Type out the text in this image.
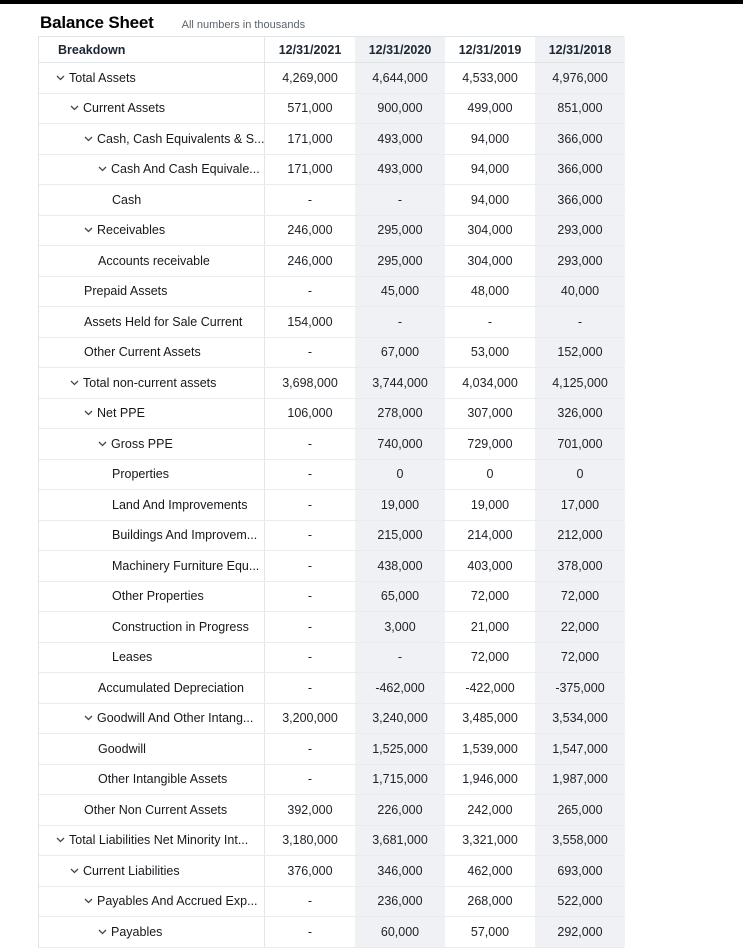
Balance Sheet	All numbers in thousands
Breakdown	12/31/2021	12/31/2020	12/31/2019	12/31/2018
Total Assets	4,269,000	4,644,000	4,533,000	4,976,000
Current Assets	571,000	900,000	499,000	851,000
Cash, Cash Equivalents & S...	171,000	493,000	94,000	366,000
Cash And Cash Equivale...	171,000	493,000	94,000	366,000
Cash	-	-	94,000	366,000
Receivables	246,000	295,000	304,000	293,000
Accounts receivable	246,000	295,000	304,000	293,000
Prepaid Assets	-	45,000	48,000	40,000
Assets Held for Sale Current	154,000	-	-	-
Other Current Assets	-	67,000	53,000	152,000
Total non-current assets	3,698,000	3,744,000	4,034,000	4,125,000
Net PPE	106,000	278,000	307,000	326,000
Gross PPE	-	740,000	729,000	701,000
Properties	-	0	0	0
Land And Improvements	-	19,000	19,000	17,000
Buildings And Improvem...	-	215,000	214,000	212,000
Machinery Furniture Equ...	-	438,000	403,000	378,000
Other Properties	-	65,000	72,000	72,000
Construction in Progress	-	3,000	21,000	22,000
Leases	-	-	72,000	72,000
Accumulated Depreciation	-	-462,000	-422,000	-375,000
Goodwill And Other Intang...	3,200,000	3,240,000	3,485,000	3,534,000
Goodwill	-	1,525,000	1,539,000	1,547,000
Other Intangible Assets	-	1,715,000	1,946,000	1,987,000
Other Non Current Assets	392,000	226,000	242,000	265,000
Total Liabilities Net Minority Int...	3,180,000	3,681,000	3,321,000	3,558,000
Current Liabilities	376,000	346,000	462,000	693,000
Payables And Accrued Exp...	-	236,000	268,000	522,000
Payables	-	60,000	57,000	292,000
